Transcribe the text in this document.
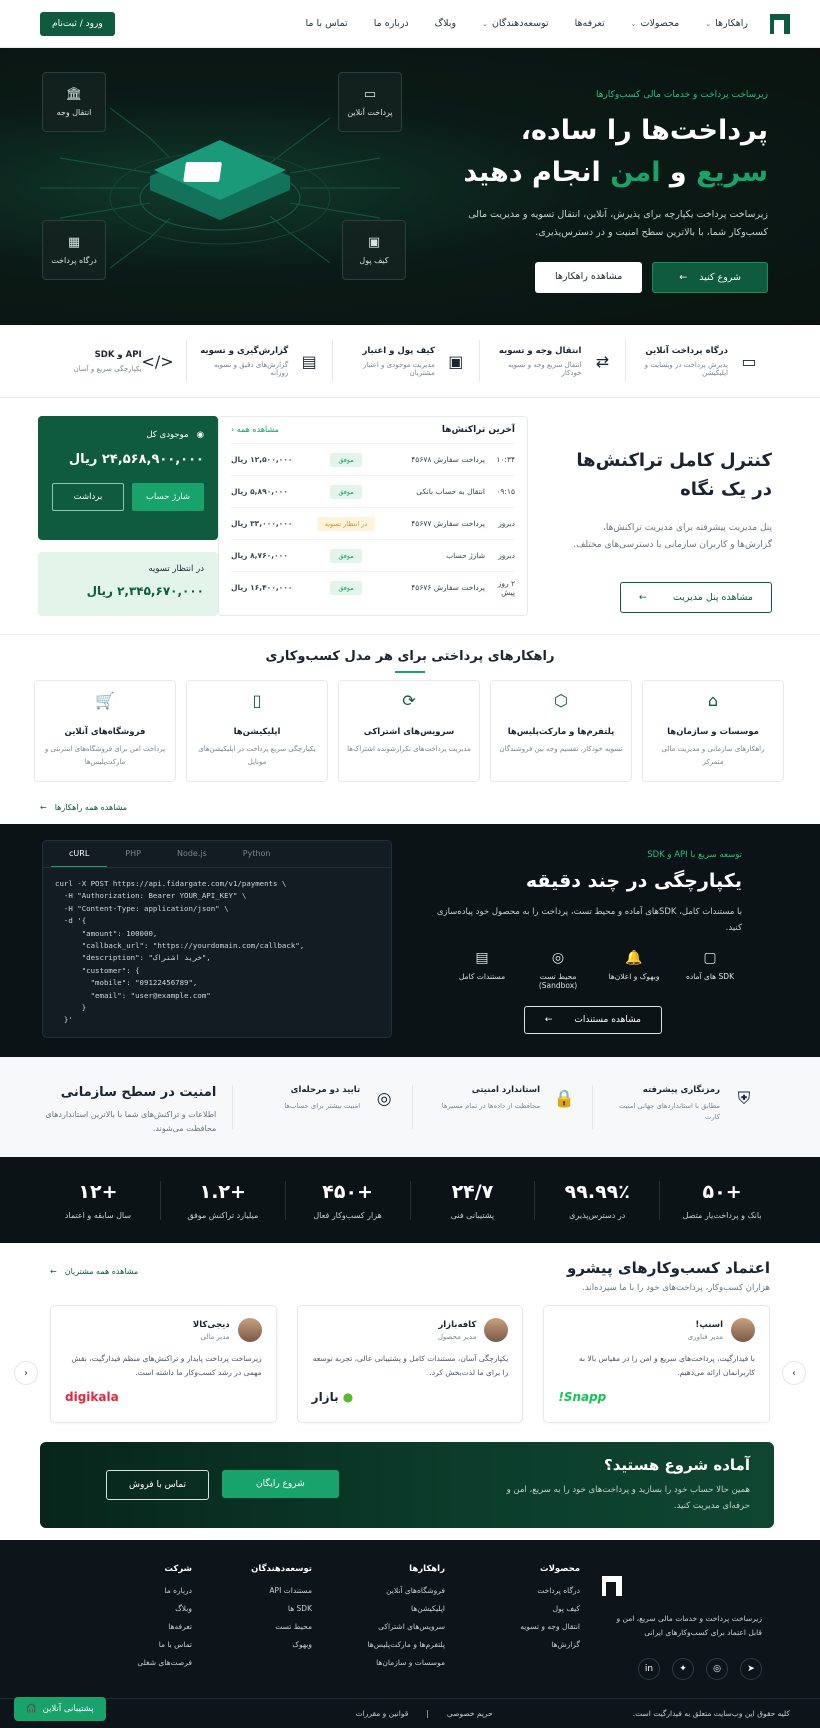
راهکارها
⌄
محصولات
⌄
تعرفه‌ها
توسعه‌دهندگان
⌄
وبلاگ
درباره ما
تماس با ما
ورود / ثبت‌نام
🏛
انتقال وجه
▭
پرداخت آنلاین
▦
درگاه پرداخت
▣
کیف پول
زیرساخت پرداخت و خدمات مالی کسب‌وکارها
پرداخت‌ها را ساده،
سریع و امن انجام دهید

زیرساخت پرداخت یکپارچه برای پذیرش، آنلاین، انتقال تسویه و مدیریت مالی کسب‌وکار شما، با بالاترین سطح امنیت و در دسترس‌پذیری.

شروع کنید
←
مشاهده راهکارها
▭
درگاه پرداخت آنلاین
پذیرش پرداخت در وبسایت و اپلیکیشن
⇄
انتقال وجه و تسویه
انتقال سریع وجه و تسویه خودکار
▣
کیف پول و اعتبار
مدیریت موجودی و اعتبار مشتریان
▤
گزارش‌گیری و تسویه
گزارش‌های دقیق و تسویه روزانه
</>
API و SDK
یکپارچگی سریع و آسان
کنترل کامل تراکنش‌ها
در یک نگاه

پنل مدیریت پیشرفته برای مدیریت تراکنش‌ها، گزارش‌ها و کاربران سازمانی با دسترسی‌های مختلف.

مشاهده پنل مدیریت
←
آخرین تراکنش‌ها
مشاهده همه ‹
۱۰:۳۴
پرداخت سفارش ۴۵۶۷۸
موفق
۱۲,۵۰۰,۰۰۰ ریال
۰۹:۱۵
انتقال به حساب بانکی
موفق
۵,۸۹۰,۰۰۰ ریال
دیروز
پرداخت سفارش ۴۵۶۷۷
در انتظار تسویه
۳۳,۰۰۰,۰۰۰ ریال
دیروز
شارژ حساب
موفق
۸,۷۶۰,۰۰۰ ریال
۲ روز پیش
پرداخت سفارش ۴۵۶۷۶
موفق
۱۶,۴۰۰,۰۰۰ ریال
◉
موجودی کل
۲۴,۵۶۸,۹۰۰,۰۰۰ ریال
شارژ حساب
برداشت
در انتظار تسویه
۲,۳۴۵,۶۷۰,۰۰۰ ریال
راهکارهای پرداختی برای هر مدل کسب‌وکاری
⌂
موسسات و سازمان‌ها
راهکارهای سازمانی و مدیریت مالی متمرکز
⬡
پلتفرم‌ها و مارکت‌پلیس‌ها
تسویه خودکار، تقسیم وجه بین فروشندگان
⟳
سرویس‌های اشتراکی
مدیریت پرداخت‌های تکرارشونده اشتراک‌ها
▯
اپلیکیشن‌ها
یکپارچگی سریع پرداخت در اپلیکیشن‌های موبایل
🛒
فروشگاه‌های آنلاین
پرداخت امن برای فروشگاه‌های اینترنتی و مارکت‌پلیس‌ها
مشاهده همه راهکارها
←
cURL	PHP	Node.js	Python
curl -X POST https://api.fidargate.com/v1/payments \
-H "Authorization: Bearer YOUR_API_KEY" \
-H "Content-Type: application/json" \
-d '{
"amount": 100000,
"callback_url": "https://yourdomain.com/callback",
"description": "خرید اشتراک",
"customer": {
"mobile": "09122456789",
"email": "user@example.com"
}
}'
توسعه سریع با API و SDK
یکپارچگی در چند دقیقه

با مستندات کامل، SDKهای آماده و محیط تست، پرداخت را به محصول خود پیاده‌سازی کنید.

▢
SDK های آماده
🔔
وبهوک و اعلان‌ها
◎
محیط تست (Sandbox)
▤
مستندات کامل
مشاهده مستندات
←
⛨
رمزنگاری پیشرفته
مطابق با استانداردهای جهانی امنیت کارت
🔒
استاندارد امنیتی
محافظت از داده‌ها در تمام مسیرها
◎
تایید دو مرحله‌ای
امنیت بیشتر برای حساب‌ها
امنیت در سطح سازمانی
اطلاعات و تراکنش‌های شما با بالاترین استانداردهای محافظت می‌شوند.
+۵۰
بانک و پرداخت‌یار متصل
۹۹.۹۹٪
در دسترس‌پذیری
۲۴/۷
پشتیبانی فنی
+۴۵۰
هزار کسب‌وکار فعال
+۱.۲
میلیارد تراکنش موفق
+۱۲
سال سابقه و اعتماد
اعتماد کسب‌وکارهای پیشرو
هزاران کسب‌وکار، پرداخت‌های خود را با ما سپرده‌اند.
مشاهده همه مشتریان
←
اسنپ!
مدیر فناوری

با فیدارگیت، پرداخت‌های سریع و امن را در مقیاس بالا به کاربرانمان ارائه می‌دهیم.

Snapp!
کافه‌بازار
مدیر محصول

یکپارچگی آسان، مستندات کامل و پشتیبانی عالی، تجربه توسعه را برای ما لذت‌بخش کرد.

● بازار
دیجی‌کالا
مدیر مالی

زیرساخت پرداخت پایدار و تراکنش‌های منظم فیدارگیت، نقش مهمی در رشد کسب‌وکار ما داشته است.

digikala
›
‹
آماده شروع هستید؟

همین حالا حساب خود را بسازید و پرداخت‌های خود را به سریع، امن و حرفه‌ای مدیریت کنید.

شروع رایگان
تماس با فروش
زیرساخت پرداخت و خدمات مالی سریع، امن و قابل اعتماد برای کسب‌وکارهای ایرانی
➤
◎
✦
in
محصولات
درگاه پرداخت
کیف پول
انتقال وجه و تسویه
گزارش‌ها
راهکارها
فروشگاه‌های آنلاین
اپلیکیشن‌ها
سرویس‌های اشتراکی
پلتفرم‌ها و مارکت‌پلیس‌ها
موسسات و سازمان‌ها
توسعه‌دهندگان
مستندات API
SDK ها
محیط تست
وبهوک
شرکت
درباره ما
وبلاگ
تعرفه‌ها
تماس با ما
فرصت‌های شغلی
کلیه حقوق این وب‌سایت متعلق به فیدارگیت است.
حریم خصوصی
|
قوانین و مقررات
پشتیبانی آنلاین
🎧
